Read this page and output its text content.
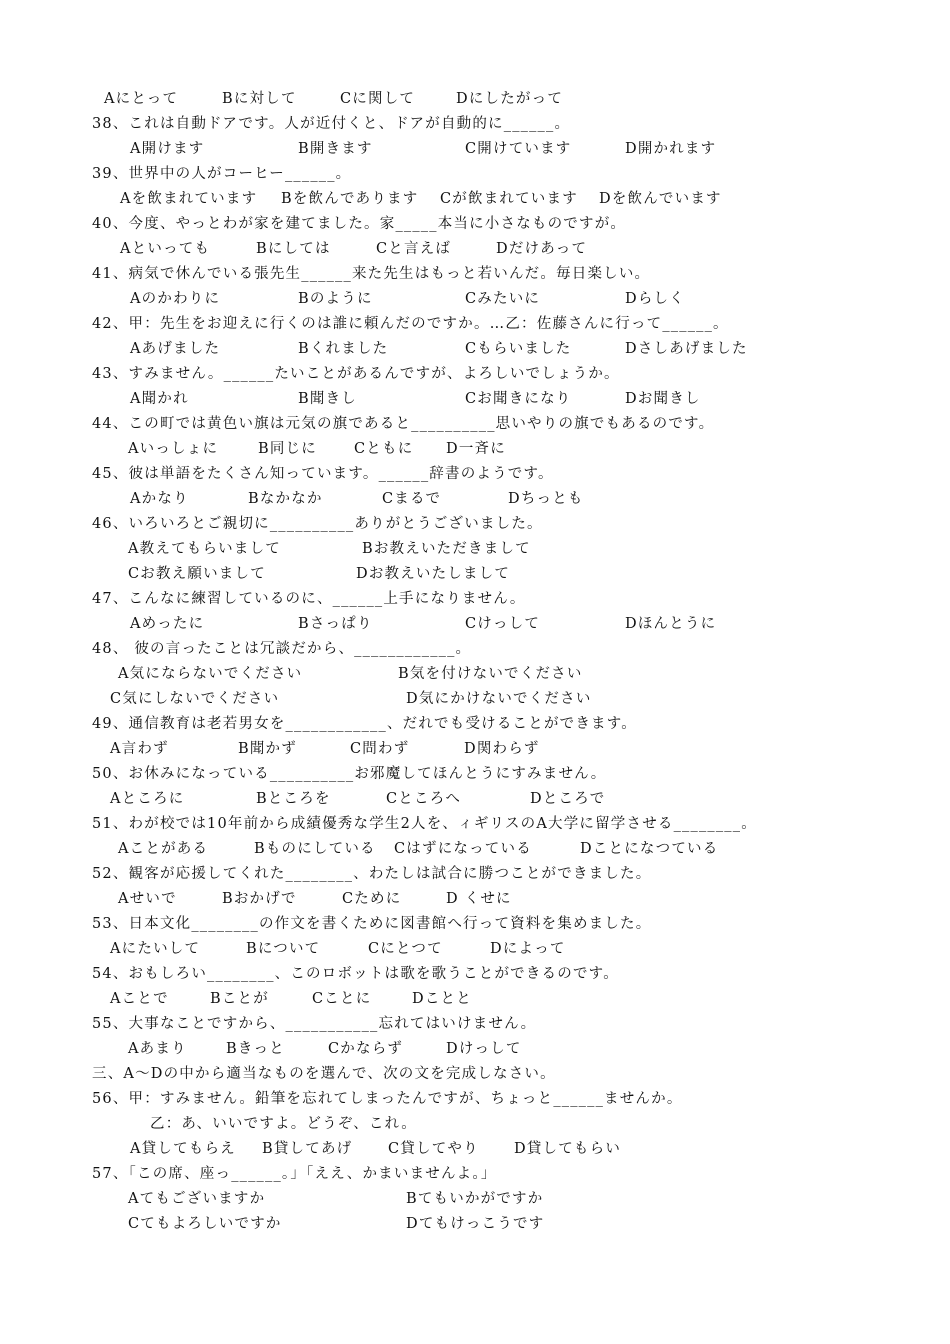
Aにとって	Bに対して	Cに関して	Dにしたがって
38、これは自動ドアです。人が近付くと、ドアが自動的に______。
A開けます	B開きます	C開けています	D開かれます
39、世界中の人がコーヒー______。
Aを飲まれています Bを飲んであります Cが飲まれています Dを飲んでいます
40、今度、やっとわが家を建てました。家_____本当に小さなものですが。
Aといっても	Bにしては	Cと言えば	Dだけあって
41、病気で休んでいる張先生______来た先生はもっと若いんだ。毎日楽しい。
Aのかわりに	Bのように	Cみたいに	Dらしく
42、甲：先生をお迎えに行くのは誰に頼んだのですか。…乙：佐藤さんに行って______。
Aあげました	Bくれました	Cもらいました	Dさしあげました
43、すみません。______たいことがあるんですが、よろしいでしょうか。
A聞かれ	B聞きし	Cお聞きになり	Dお聞きし
44、この町では黄色い旗は元気の旗であると__________思いやりの旗でもあるのです。
Aいっしょに	B同じに	Cともに D一斉に
45、彼は単語をたくさん知っています。______辞書のようです。
Aかなり	Bなかなか	Cまるで	Dちっとも
46、いろいろとご親切に__________ありがとうございました。
A教えてもらいまして	Bお教えいただきまして
Cお教え願いまして	Dお教えいたしまして
47、こんなに練習しているのに、______上手になりません。
Aめったに	Bさっぱり	Cけっして	Dほんとうに
48、 彼の言ったことは冗談だから、____________。
A気にならないでください	B気を付けないでください
C気にしないでください	D気にかけないでください
49、通信教育は老若男女を____________、だれでも受けることができます。
A言わず	B聞かず	C問わず	D関わらず
50、お休みになっている__________お邪魔してほんとうにすみません。
Aところに	Bところを	Cところへ	Dところで
51、わが校では10年前から成績優秀な学生2人を、ィギリスのA大学に留学させる________。
Aことがある	Bものにしている Cはずになっている	Dことになつている
52、観客が応援してくれた________、わたしは試合に勝つことができました。
Aせいで	Bおかげで	Cために	D くせに
53、日本文化________の作文を書くために図書館へ行って資料を集めました。
Aにたいして	Bについて	Cにとつて	Dによって
54、おもしろい________、このロボットは歌を歌うことができるのです。
Aことで	Bことが	Cことに	Dことと
55、大事なことですから、___________忘れてはいけません。
Aあまり	Bきっと	Cかならず	Dけっして
三、A～Dの中から適当なものを選んで、次の文を完成しなさい。
56、甲：すみません。鉛筆を忘れてしまったんですが、ちょっと______ませんか。
乙：あ、いいですよ。どうぞ、これ。
A貸してもらえ B貸してあげ C貸してやり D貸してもらい
57、「この席、座っ______。」「ええ、かまいませんよ。」
Aてもございますか	Bてもいかがですか
Cてもよろしいですか	Dてもけっこうです
